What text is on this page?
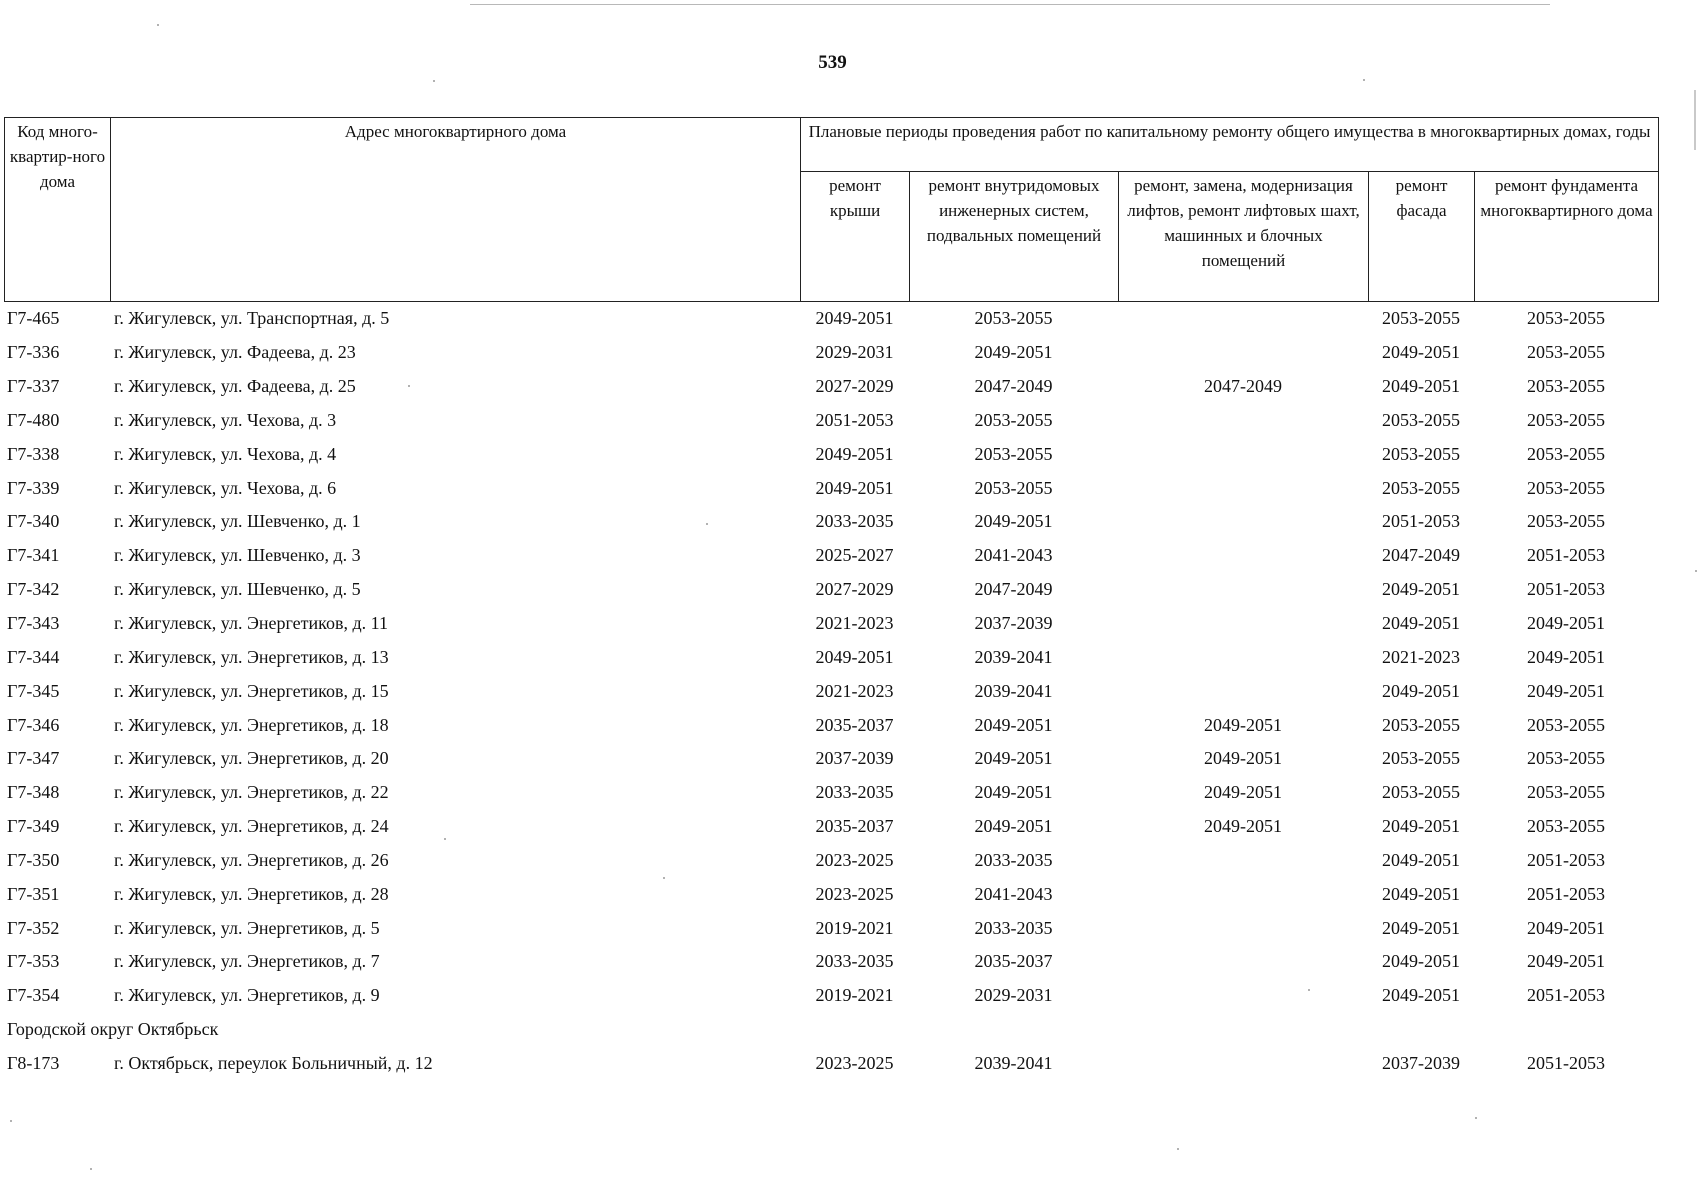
539
Код много-квартир-ного дома	Адрес многоквартирного дома	Плановые периоды проведения работ по капитальному ремонту общего имущества в многоквартирных домах, годы				
		ремонт крыши	ремонт внутридомовых инженерных систем, подвальных помещений	ремонт, замена, модернизация лифтов, ремонт лифтовых шахт, машинных и блочных помещений	ремонт фасада	ремонт фундамента многоквартирного дома
Г7-465	г. Жигулевск, ул. Транспортная, д. 5	2049-2051	2053-2055		2053-2055	2053-2055
Г7-336	г. Жигулевск, ул. Фадеева, д. 23	2029-2031	2049-2051		2049-2051	2053-2055
Г7-337	г. Жигулевск, ул. Фадеева, д. 25	2027-2029	2047-2049	2047-2049	2049-2051	2053-2055
Г7-480	г. Жигулевск, ул. Чехова, д. 3	2051-2053	2053-2055		2053-2055	2053-2055
Г7-338	г. Жигулевск, ул. Чехова, д. 4	2049-2051	2053-2055		2053-2055	2053-2055
Г7-339	г. Жигулевск, ул. Чехова, д. 6	2049-2051	2053-2055		2053-2055	2053-2055
Г7-340	г. Жигулевск, ул. Шевченко, д. 1	2033-2035	2049-2051		2051-2053	2053-2055
Г7-341	г. Жигулевск, ул. Шевченко, д. 3	2025-2027	2041-2043		2047-2049	2051-2053
Г7-342	г. Жигулевск, ул. Шевченко, д. 5	2027-2029	2047-2049		2049-2051	2051-2053
Г7-343	г. Жигулевск, ул. Энергетиков, д. 11	2021-2023	2037-2039		2049-2051	2049-2051
Г7-344	г. Жигулевск, ул. Энергетиков, д. 13	2049-2051	2039-2041		2021-2023	2049-2051
Г7-345	г. Жигулевск, ул. Энергетиков, д. 15	2021-2023	2039-2041		2049-2051	2049-2051
Г7-346	г. Жигулевск, ул. Энергетиков, д. 18	2035-2037	2049-2051	2049-2051	2053-2055	2053-2055
Г7-347	г. Жигулевск, ул. Энергетиков, д. 20	2037-2039	2049-2051	2049-2051	2053-2055	2053-2055
Г7-348	г. Жигулевск, ул. Энергетиков, д. 22	2033-2035	2049-2051	2049-2051	2053-2055	2053-2055
Г7-349	г. Жигулевск, ул. Энергетиков, д. 24	2035-2037	2049-2051	2049-2051	2049-2051	2053-2055
Г7-350	г. Жигулевск, ул. Энергетиков, д. 26	2023-2025	2033-2035		2049-2051	2051-2053
Г7-351	г. Жигулевск, ул. Энергетиков, д. 28	2023-2025	2041-2043		2049-2051	2051-2053
Г7-352	г. Жигулевск, ул. Энергетиков, д. 5	2019-2021	2033-2035		2049-2051	2049-2051
Г7-353	г. Жигулевск, ул. Энергетиков, д. 7	2033-2035	2035-2037		2049-2051	2049-2051
Г7-354	г. Жигулевск, ул. Энергетиков, д. 9	2019-2021	2029-2031		2049-2051	2051-2053
Городской округ Октябрьск						
Г8-173	г. Октябрьск, переулок Больничный, д. 12	2023-2025	2039-2041		2037-2039	2051-2053
